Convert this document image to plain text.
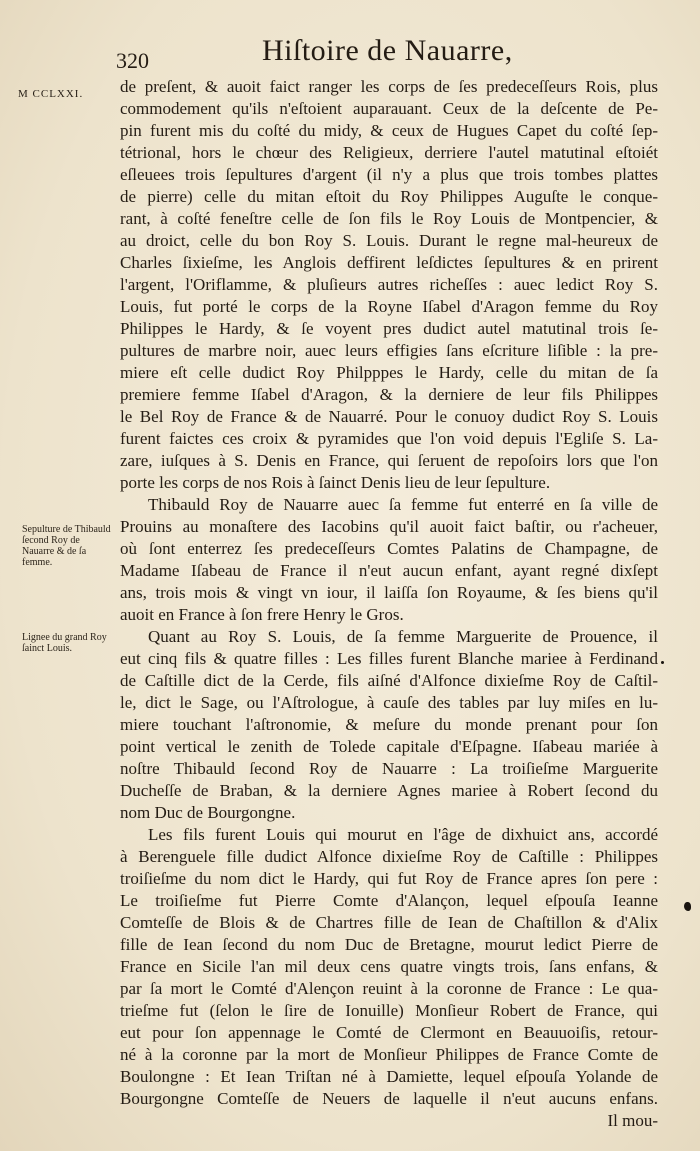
320	Hiſtoire de Nauarre,
M CCLXXI.
Sepulture de Thibauld ſecond Roy de Nauarre & de ſa femme.
Lignee du grand Roy ſainct Louis.
de preſent, & auoit faict ranger les corps de ſes predeceſſeurs Rois, plus
commodement qu'ils n'eſtoient auparauant. Ceux de la deſcente de Pe-
pin furent mis du coſté du midy, & ceux de Hugues Capet du coſté ſep-
tétrional, hors le chœur des Religieux, derriere l'autel matutinal eſtoiét
eſleuees trois ſepultures d'argent (il n'y a plus que trois tombes plattes
de pierre) celle du mitan eſtoit du Roy Philippes Auguſte le conque-
rant, à coſté feneſtre celle de ſon fils le Roy Louis de Montpencier, &
au droict, celle du bon Roy S. Louis. Durant le regne mal-heureux de
Charles ſixieſme, les Anglois deffirent leſdictes ſepultures & en prirent
l'argent, l'Oriflamme, & pluſieurs autres richeſſes : auec ledict Roy S.
Louis, fut porté le corps de la Royne Iſabel d'Aragon femme du Roy
Philippes le Hardy, & ſe voyent pres dudict autel matutinal trois ſe-
pultures de marbre noir, auec leurs effigies ſans eſcriture liſible : la pre-
miere eſt celle dudict Roy Philpppes le Hardy, celle du mitan de ſa
premiere femme Iſabel d'Aragon, & la derniere de leur fils Philippes
le Bel Roy de France & de Nauarré. Pour le conuoy dudict Roy S. Louis
furent faictes ces croix & pyramides que l'on void depuis l'Egliſe S. La-
zare, iuſques à S. Denis en France, qui ſeruent de repoſoirs lors que l'on
porte les corps de nos Rois à ſainct Denis lieu de leur ſepulture.
Thibauld Roy de Nauarre auec ſa femme fut enterré en ſa ville de
Prouins au monaſtere des Iacobins qu'il auoit faict baſtir, ou r'acheuer,
où ſont enterrez ſes predeceſſeurs Comtes Palatins de Champagne, de
Madame Iſabeau de France il n'eut aucun enfant, ayant regné dixſept
ans, trois mois & vingt vn iour, il laiſſa ſon Royaume, & ſes biens qu'il
auoit en France à ſon frere Henry le Gros.
Quant au Roy S. Louis, de ſa femme Marguerite de Prouence, il
eut cinq fils & quatre filles : Les filles furent Blanche mariee à Ferdinand
de Caſtille dict de la Cerde, fils aiſné d'Alfonce dixieſme Roy de Caſtil-
le, dict le Sage, ou l'Aſtrologue, à cauſe des tables par luy miſes en lu-
miere touchant l'aſtronomie, & meſure du monde prenant pour ſon
point vertical le zenith de Tolede capitale d'Eſpagne. Iſabeau mariée à
noſtre Thibauld ſecond Roy de Nauarre : La troiſieſme Marguerite
Ducheſſe de Braban, & la derniere Agnes mariee à Robert ſecond du
nom Duc de Bourgongne.
Les fils furent Louis qui mourut en l'âge de dixhuict ans, accordé
à Berenguele fille dudict Alfonce dixieſme Roy de Caſtille : Philippes
troiſieſme du nom dict le Hardy, qui fut Roy de France apres ſon pere :
Le troiſieſme fut Pierre Comte d'Alançon, lequel eſpouſa Ieanne
Comteſſe de Blois & de Chartres fille de Iean de Chaſtillon & d'Alix
fille de Iean ſecond du nom Duc de Bretagne, mourut ledict Pierre de
France en Sicile l'an mil deux cens quatre vingts trois, ſans enfans, &
par ſa mort le Comté d'Alençon reuint à la coronne de France : Le qua-
trieſme fut (ſelon le ſire de Ionuille) Monſieur Robert de France, qui
eut pour ſon appennage le Comté de Clermont en Beauuoiſis, retour-
né à la coronne par la mort de Monſieur Philippes de France Comte de
Boulongne : Et Iean Triſtan né à Damiette, lequel eſpouſa Yolande de
Bourgongne Comteſſe de Neuers de laquelle il n'eut aucuns enfans.
Il mou-
